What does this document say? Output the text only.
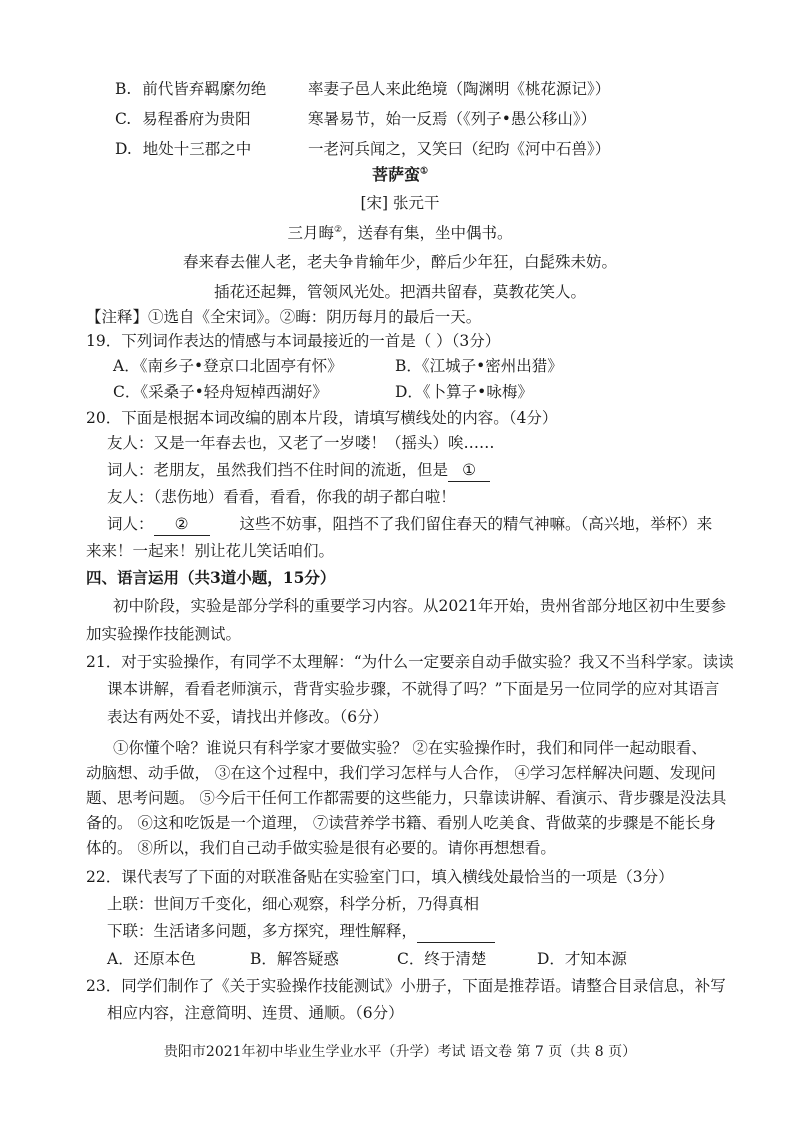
B. 前代皆弃羁縻勿绝	率妻子邑人来此绝境（陶渊明《桃花源记》）
C. 易程番府为贵阳	寒暑易节，始一反焉（《列子•愚公移山》）
D. 地处十三郡之中	一老河兵闻之，又笑曰（纪昀《河中石兽》）
菩萨蛮①
[宋] 张元干
三月晦②，送春有集，坐中偶书。
春来春去催人老，老夫争肯输年少，醉后少年狂，白髭殊未妨。
插花还起舞，管领风光处。把酒共留春，莫教花笑人。
【注释】①选自《全宋词》。②晦：阴历每月的最后一天。
19．下列词作表达的情感与本词最接近的一首是（ ）（3分）
A．《南乡子•登京口北固亭有怀》	B．《江城子•密州出猎》
C．《采桑子•轻舟短棹西湖好》	D．《卜算子•咏梅》
20．下面是根据本词改编的剧本片段，请填写横线处的内容。（4分）
友人：又是一年春去也，又老了一岁喽！（摇头）唉……
词人：老朋友，虽然我们挡不住时间的流逝，但是 ①
友人：（悲伤地）看看，看看，你我的胡子都白啦！
词人： ②	这些不妨事，阻挡不了我们留住春天的精气神嘛。（高兴地，举杯）来
来来！一起来！别让花儿笑话咱们。
四、语言运用（共3道小题，15分）
初中阶段，实验是部分学科的重要学习内容。从2021年开始，贵州省部分地区初中生要参
加实验操作技能测试。
21．对于实验操作，有同学不太理解：“为什么一定要亲自动手做实验？我又不当科学家。读读
课本讲解，看看老师演示，背背实验步骤，不就得了吗？”下面是另一位同学的应对其语言
表达有两处不妥，请找出并修改。（6分）
①你懂个啥？谁说只有科学家才要做实验？ ②在实验操作时，我们和同伴一起动眼看、
动脑想、动手做， ③在这个过程中，我们学习怎样与人合作， ④学习怎样解决问题、发现问
题、思考问题。 ⑤今后干任何工作都需要的这些能力，只靠读讲解、看演示、背步骤是没法具
备的。 ⑥这和吃饭是一个道理， ⑦读营养学书籍、看别人吃美食、背做菜的步骤是不能长身
体的。 ⑧所以，我们自己动手做实验是很有必要的。请你再想想看。
22．课代表写了下面的对联准备贴在实验室门口，填入横线处最恰当的一项是（3分）
上联：世间万千变化，细心观察，科学分析，乃得真相
下联：生活诸多问题，多方探究，理性解释，
A．还原本色	B．解答疑惑	C．终于清楚	D．才知本源
23．同学们制作了《关于实验操作技能测试》小册子，下面是推荐语。请整合目录信息，补写
相应内容，注意简明、连贯、通顺。（6分）
贵阳市2021年初中毕业生学业水平（升学）考试 语文卷 第 7 页（共 8 页）
